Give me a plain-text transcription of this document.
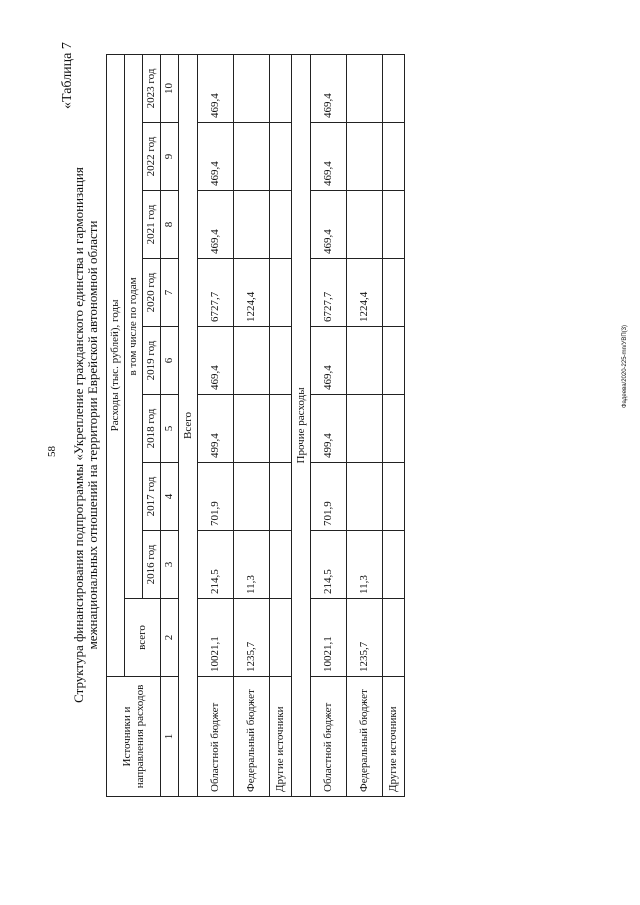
58
«Таблица 7
Структура финансирования подпрограммы «Укрепление гражданского единства и гармонизация межнациональных отношений на территории Еврейской автономной области
Источники и направления расходов	Расходы (тыс. рублей), годы								
	всего	в том числе по годам							
		2016 год	2017 год	2018 год	2019 год	2020 год	2021 год	2022 год	2023 год
1	2	3	4	5	6	7	8	9	10
Всего									
Областной бюджет	10021,1	214,5	701,9	499,4	469,4	6727,7	469,4	469,4	469,4
Федеральный бюджет	1235,7	11,3				1224,4			
Другие источники									
Прочие расходы									
Областной бюджет	10021,1	214,5	701,9	499,4	469,4	6727,7	469,4	469,4	469,4
Федеральный бюджет	1235,7	11,3				1224,4			
Другие источники									
Фадеева/2020-225-mn/УВП(3)
